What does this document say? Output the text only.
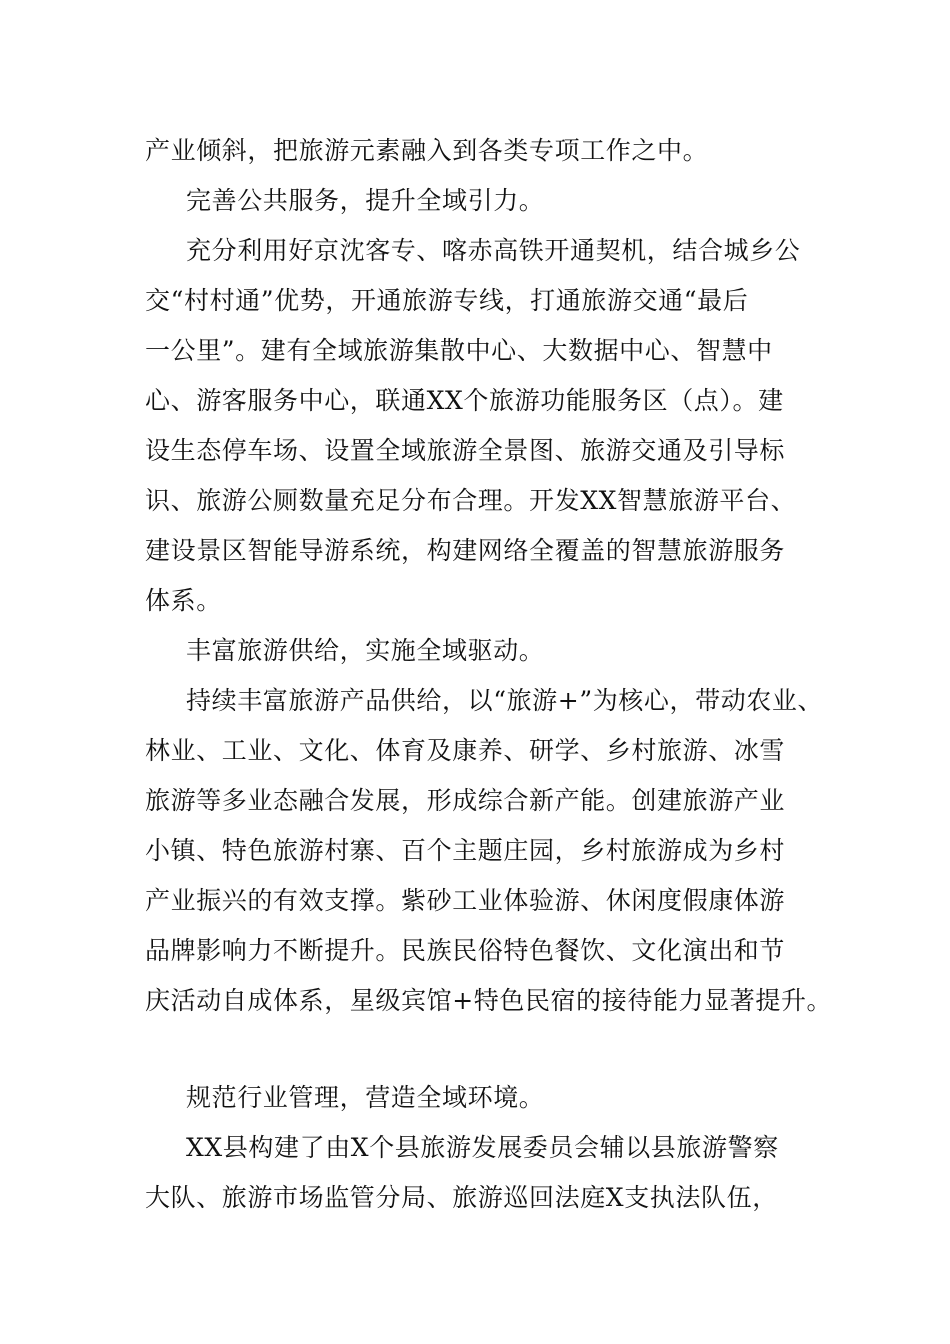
产业倾斜，把旅游元素融入到各类专项工作之中。
完善公共服务，提升全域引力。
充分利用好京沈客专、喀赤高铁开通契机，结合城乡公
交“村村通”优势，开通旅游专线，打通旅游交通“最后
一公里”。建有全域旅游集散中心、大数据中心、智慧中
心、游客服务中心，联通XX个旅游功能服务区（点）。建
设生态停车场、设置全域旅游全景图、旅游交通及引导标
识、旅游公厕数量充足分布合理。开发XX智慧旅游平台、
建设景区智能导游系统，构建网络全覆盖的智慧旅游服务
体系。
丰富旅游供给，实施全域驱动。
持续丰富旅游产品供给，以“旅游+”为核心，带动农业、
林业、工业、文化、体育及康养、研学、乡村旅游、冰雪
旅游等多业态融合发展，形成综合新产能。创建旅游产业
小镇、特色旅游村寨、百个主题庄园，乡村旅游成为乡村
产业振兴的有效支撑。紫砂工业体验游、休闲度假康体游
品牌影响力不断提升。民族民俗特色餐饮、文化演出和节
庆活动自成体系，星级宾馆+特色民宿的接待能力显著提升。
规范行业管理，营造全域环境。
XX县构建了由X个县旅游发展委员会辅以县旅游警察
大队、旅游市场监管分局、旅游巡回法庭X支执法队伍，
